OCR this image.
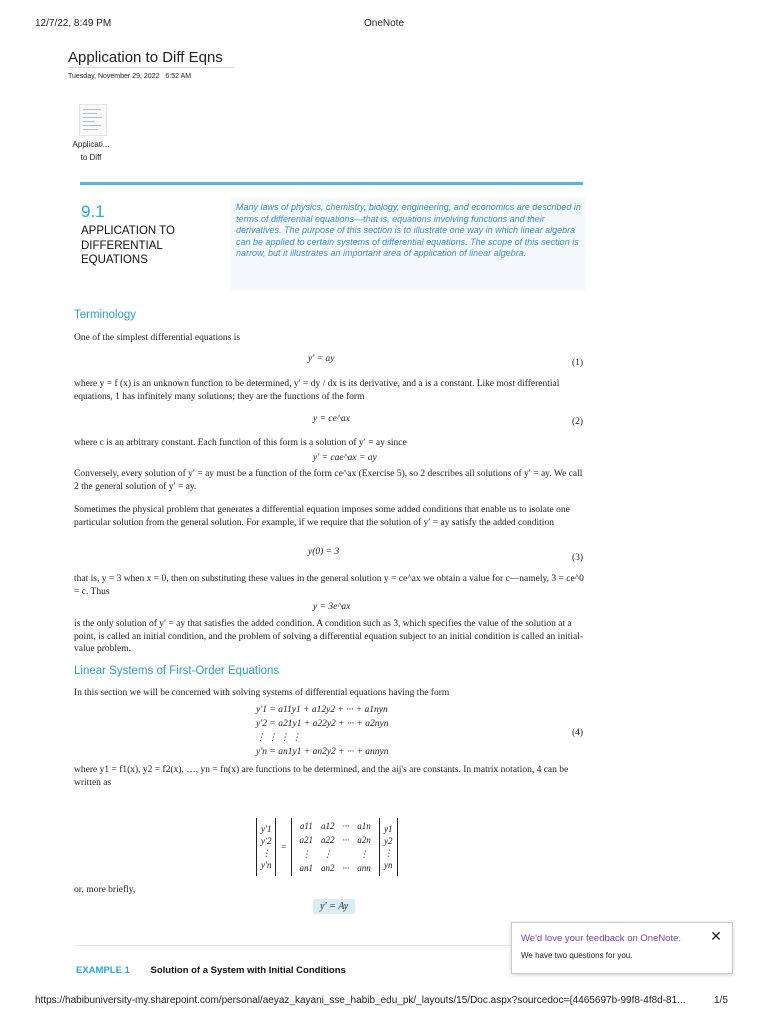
12/7/22, 8:49 PM	OneNote
Application to Diff Eqns
Tuesday, November 29, 2022 6:52 AM
Applicati...
to Diff
9.1
APPLICATION TO DIFFERENTIAL EQUATIONS
Many laws of physics, chemistry, biology, engineering, and economics are described in terms of differential equations—that is, equations involving functions and their derivatives. The purpose of this section is to illustrate one way in which linear algebra can be applied to certain systems of differential equations. The scope of this section is narrow, but it illustrates an important area of application of linear algebra.
Terminology
One of the simplest differential equations is
y′ = ay	(1)
where y = f (x) is an unknown function to be determined, y′ = dy / dx is its derivative, and a is a constant. Like most differential equations, 1 has infinitely many solutions; they are the functions of the form
y = ce^ax	(2)
where c is an arbitrary constant. Each function of this form is a solution of y′ = ay since
y′ = cae^ax = ay
Conversely, every solution of y′ = ay must be a function of the form ce^ax (Exercise 5), so 2 describes all solutions of y′ = ay. We call 2 the general solution of y′ = ay.
Sometimes the physical problem that generates a differential equation imposes some added conditions that enable us to isolate one particular solution from the general solution. For example, if we require that the solution of y′ = ay satisfy the added condition
y(0) = 3
(3)
that is, y = 3 when x = 0, then on substituting these values in the general solution y = ce^ax we obtain a value for c—namely, 3 = ce^0 = c. Thus
y = 3e^ax
is the only solution of y′ = ay that satisfies the added condition. A condition such as 3, which specifies the value of the solution at a point, is called an initial condition, and the problem of solving a differential equation subject to an initial condition is called an initial-value problem.
Linear Systems of First-Order Equations
In this section we will be concerned with solving systems of differential equations having the form
y′1 = a11y1 + a12y2 + ··· + a1nyn
y′2 = a21y1 + a22y2 + ··· + a2nyn
⋮ ⋮ ⋮ ⋮
y′n = an1y1 + an2y2 + ··· + annyn
(4)
where y1 = f1(x), y2 = f2(x), …, yn = fn(x) are functions to be determined, and the aij's are constants. In matrix notation, 4 can be written as
y′1
y′2
⋮
y′n
	=	
a11	a12	···	a1n
a21	a22	···	a2n
⋮	⋮		⋮
an1	an2	···	ann

y1
y2
⋮
yn
or, more briefly,
y′ = Ay
EXAMPLE 1 Solution of a System with Initial Conditions
We'd love your feedback on OneNote.
We have two questions for you.
✕
https://habibuniversity-my.sharepoint.com/personal/aeyaz_kayani_sse_habib_edu_pk/_layouts/15/Doc.aspx?sourcedoc={4465697b-99f8-4f8d-81...	1/5
